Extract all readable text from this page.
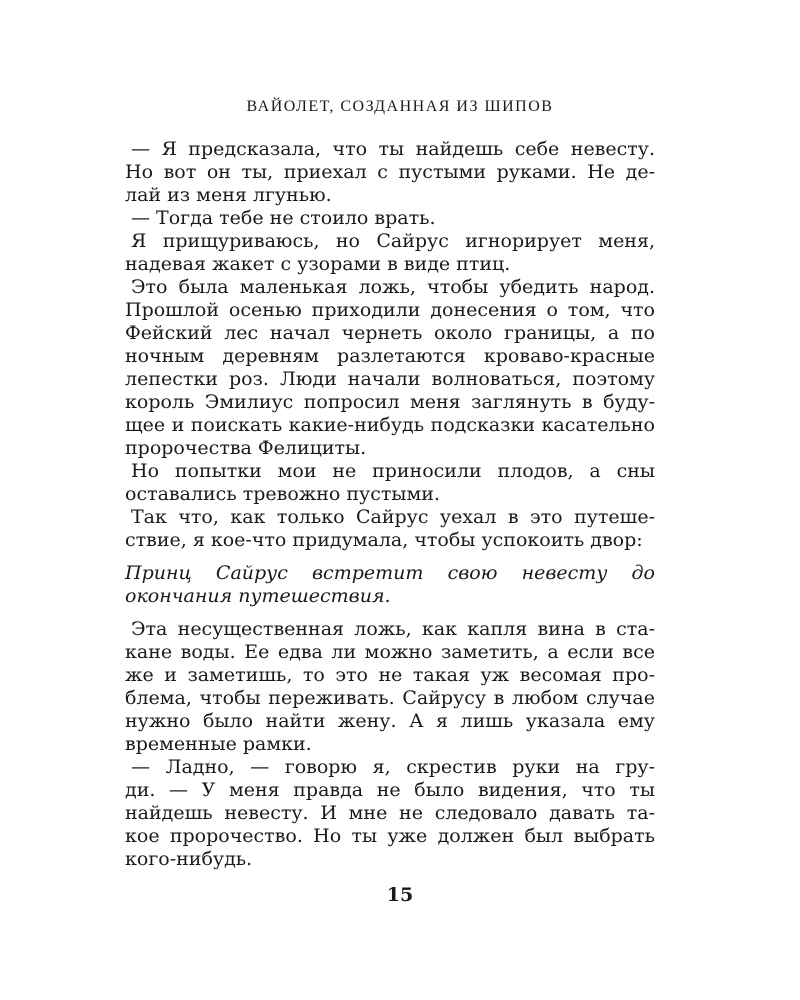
ВАЙОЛЕТ, СОЗДАННАЯ ИЗ ШИПОВ
— Я предсказала, что ты найдешь себе невесту.
Но вот он ты, приехал с пустыми руками. Не де-
лай из меня лгунью.
— Тогда тебе не стоило врать.
Я прищуриваюсь, но Сайрус игнорирует меня,
надевая жакет с узорами в виде птиц.
Это была маленькая ложь, чтобы убедить народ.
Прошлой осенью приходили донесения о том, что
Фейский лес начал чернеть около границы, а по
ночным деревням разлетаются кроваво-красные
лепестки роз. Люди начали волноваться, поэтому
король Эмилиус попросил меня заглянуть в буду-
щее и поискать какие-нибудь подсказки касательно
пророчества Фелициты.
Но попытки мои не приносили плодов, а сны
оставались тревожно пустыми.
Так что, как только Сайрус уехал в это путеше-
ствие, я кое-что придумала, чтобы успокоить двор:
Принц Сайрус встретит свою невесту до
окончания путешествия.
Эта несущественная ложь, как капля вина в ста-
кане воды. Ее едва ли можно заметить, а если все
же и заметишь, то это не такая уж весомая про-
блема, чтобы переживать. Сайрусу в любом случае
нужно было найти жену. А я лишь указала ему
временные рамки.
— Ладно, — говорю я, скрестив руки на гру-
ди. — У меня правда не было видения, что ты
найдешь невесту. И мне не следовало давать та-
кое пророчество. Но ты уже должен был выбрать
кого-нибудь.
15
